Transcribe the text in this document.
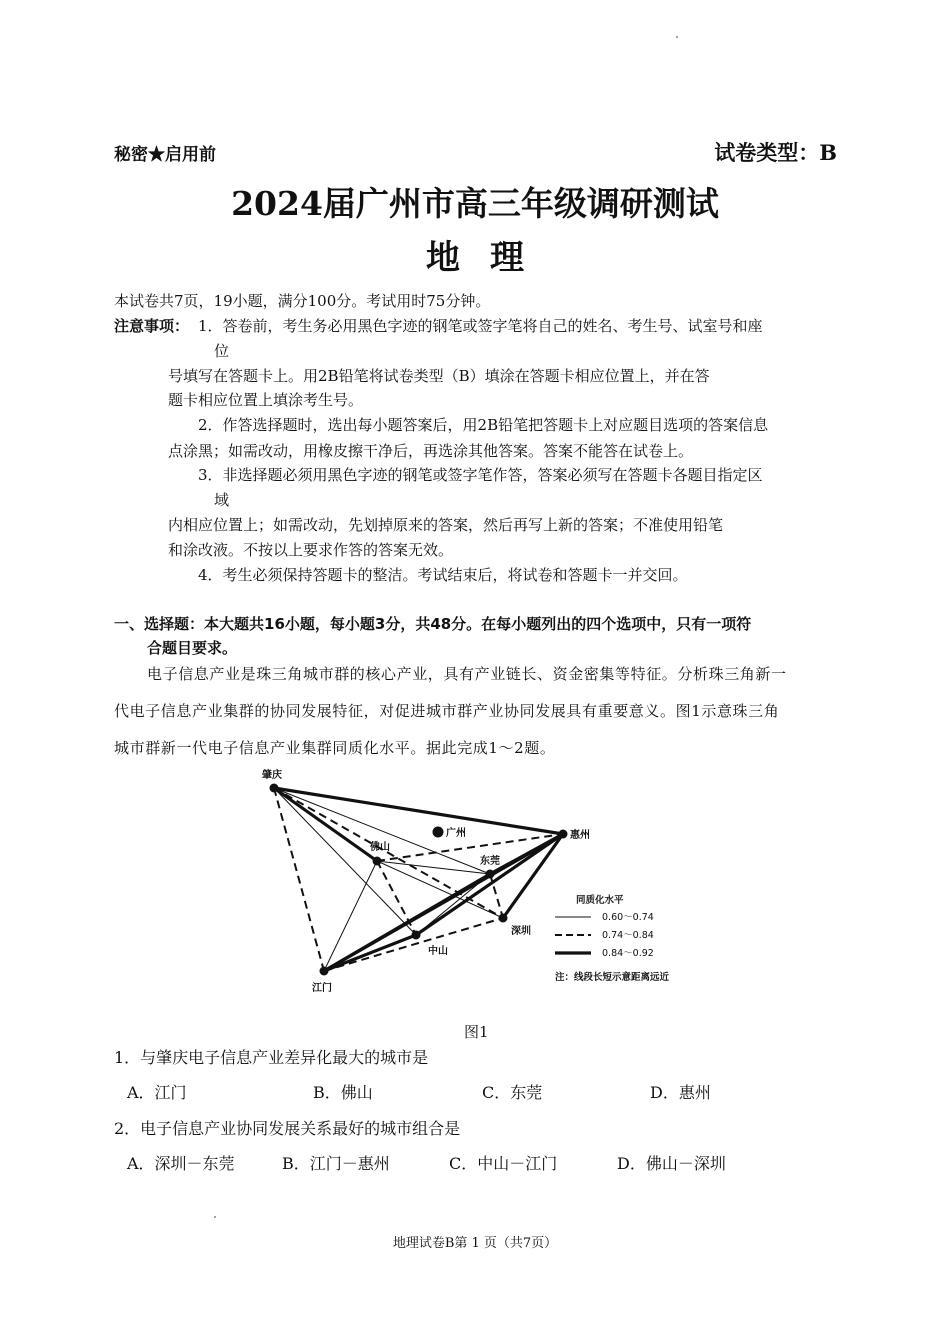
秘密★启用前	试卷类型：B
2024届广州市高三年级调研测试
地理
本试卷共7页，19小题，满分100分。考试用时75分钟。
注意事项： 1．答卷前，考生务必用黑色字迹的钢笔或签字笔将自己的姓名、考生号、试室号和座
位
号填写在答题卡上。用2B铅笔将试卷类型（B）填涂在答题卡相应位置上，并在答
题卡相应位置上填涂考生号。
2．作答选择题时，选出每小题答案后，用2B铅笔把答题卡上对应题目选项的答案信息
点涂黑；如需改动，用橡皮擦干净后，再选涂其他答案。答案不能答在试卷上。
3．非选择题必须用黑色字迹的钢笔或签字笔作答，答案必须写在答题卡各题目指定区
域
内相应位置上；如需改动，先划掉原来的答案，然后再写上新的答案；不准使用铅笔
和涂改液。不按以上要求作答的答案无效。
4．考生必须保持答题卡的整洁。考试结束后，将试卷和答题卡一并交回。
一、选择题：本大题共16小题，每小题3分，共48分。在每小题列出的四个选项中，只有一项符
合题目要求。
电子信息产业是珠三角城市群的核心产业，具有产业链长、资金密集等特征。分析珠三角新一
代电子信息产业集群的协同发展特征，对促进城市群产业协同发展具有重要意义。图1示意珠三角
城市群新一代电子信息产业集群同质化水平。据此完成1～2题。
肇庆
广州	惠州
佛山
东莞
深圳
中山
江门
同质化水平
0.60～0.74
0.74～0.84
0.84～0.92
注：线段长短示意距离远近
图1
1．与肇庆电子信息产业差异化最大的城市是
A．江门	B．佛山	C．东莞	D．惠州
2．电子信息产业协同发展关系最好的城市组合是
A．深圳－东莞	B．江门－惠州	C．中山－江门	D．佛山－深圳
地理试卷B第 1 页（共7页）
